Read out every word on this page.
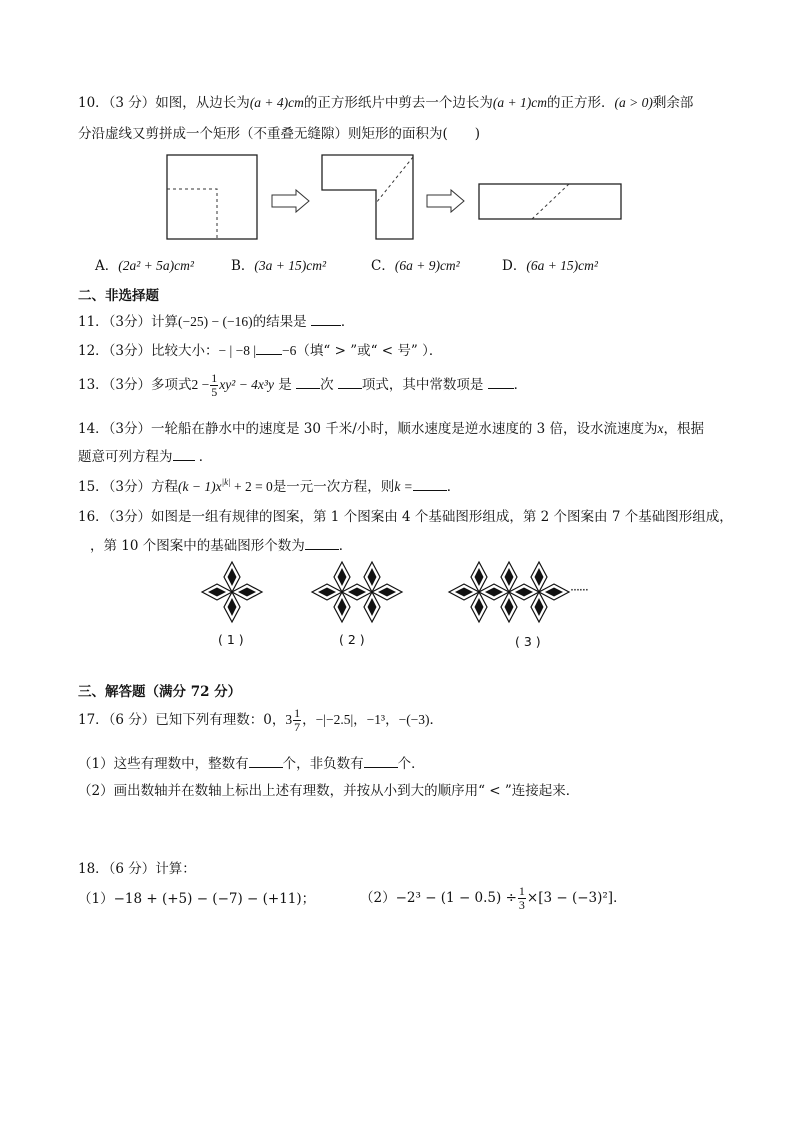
10．（3 分）如图，从边长为(a + 4)cm的正方形纸片中剪去一个边长为(a + 1)cm的正方形．(a > 0)剩余部
分沿虚线又剪拼成一个矩形（不重叠无缝隙）则矩形的面积为(　　)
A．(2a² + 5a)cm²	B．(3a + 15)cm²	C．(6a + 9)cm²	D．(6a + 15)cm²
二、非选择题
11．（3分）计算(−25) − (−16)的结果是	．
12．（3分）比较大小：− | −8 | −6（填“ > ”或“ < 号” ）．
13．（3分）多项式$2 - \frac{1}{5} xy^2 - 4x^3y$ 是 次 项式，其中常数项是 ．
14．（3分）一轮船在静水中的速度是 30 千米/小时，顺水速度是逆水速度的 3 倍，设水流速度为x，根据
题意可列方程为 ．
15．（3分）方程$(k - 1)x^{|k|} + 2 = 0$是一元一次方程，则k =	．
16．（3分）如图是一组有规律的图案，第 1 个图案由 4 个基础图形组成，第 2 个图案由 7 个基础图形组成，
，第 10 个图案中的基础图形个数为	．
······
( 1 )	( 2 )	( 3 )
三、解答题（满分 72 分）
17．（6 分）已知下列有理数：0，$3 \frac{1}{7}$ ，−|−2.5|，−1³，−(−3)．
（1）这些有理数中，整数有	个，非负数有	个．
（2）画出数轴并在数轴上标出上述有理数，并按从小到大的顺序用“ < ”连接起来．
18．（6 分）计算：
（1）−18 + (+5) − (−7) − (+11)；	$(2)-2^3 - (1 - 0.5) \div \frac{1}{3} \times[3 - (-3)^2]$．
